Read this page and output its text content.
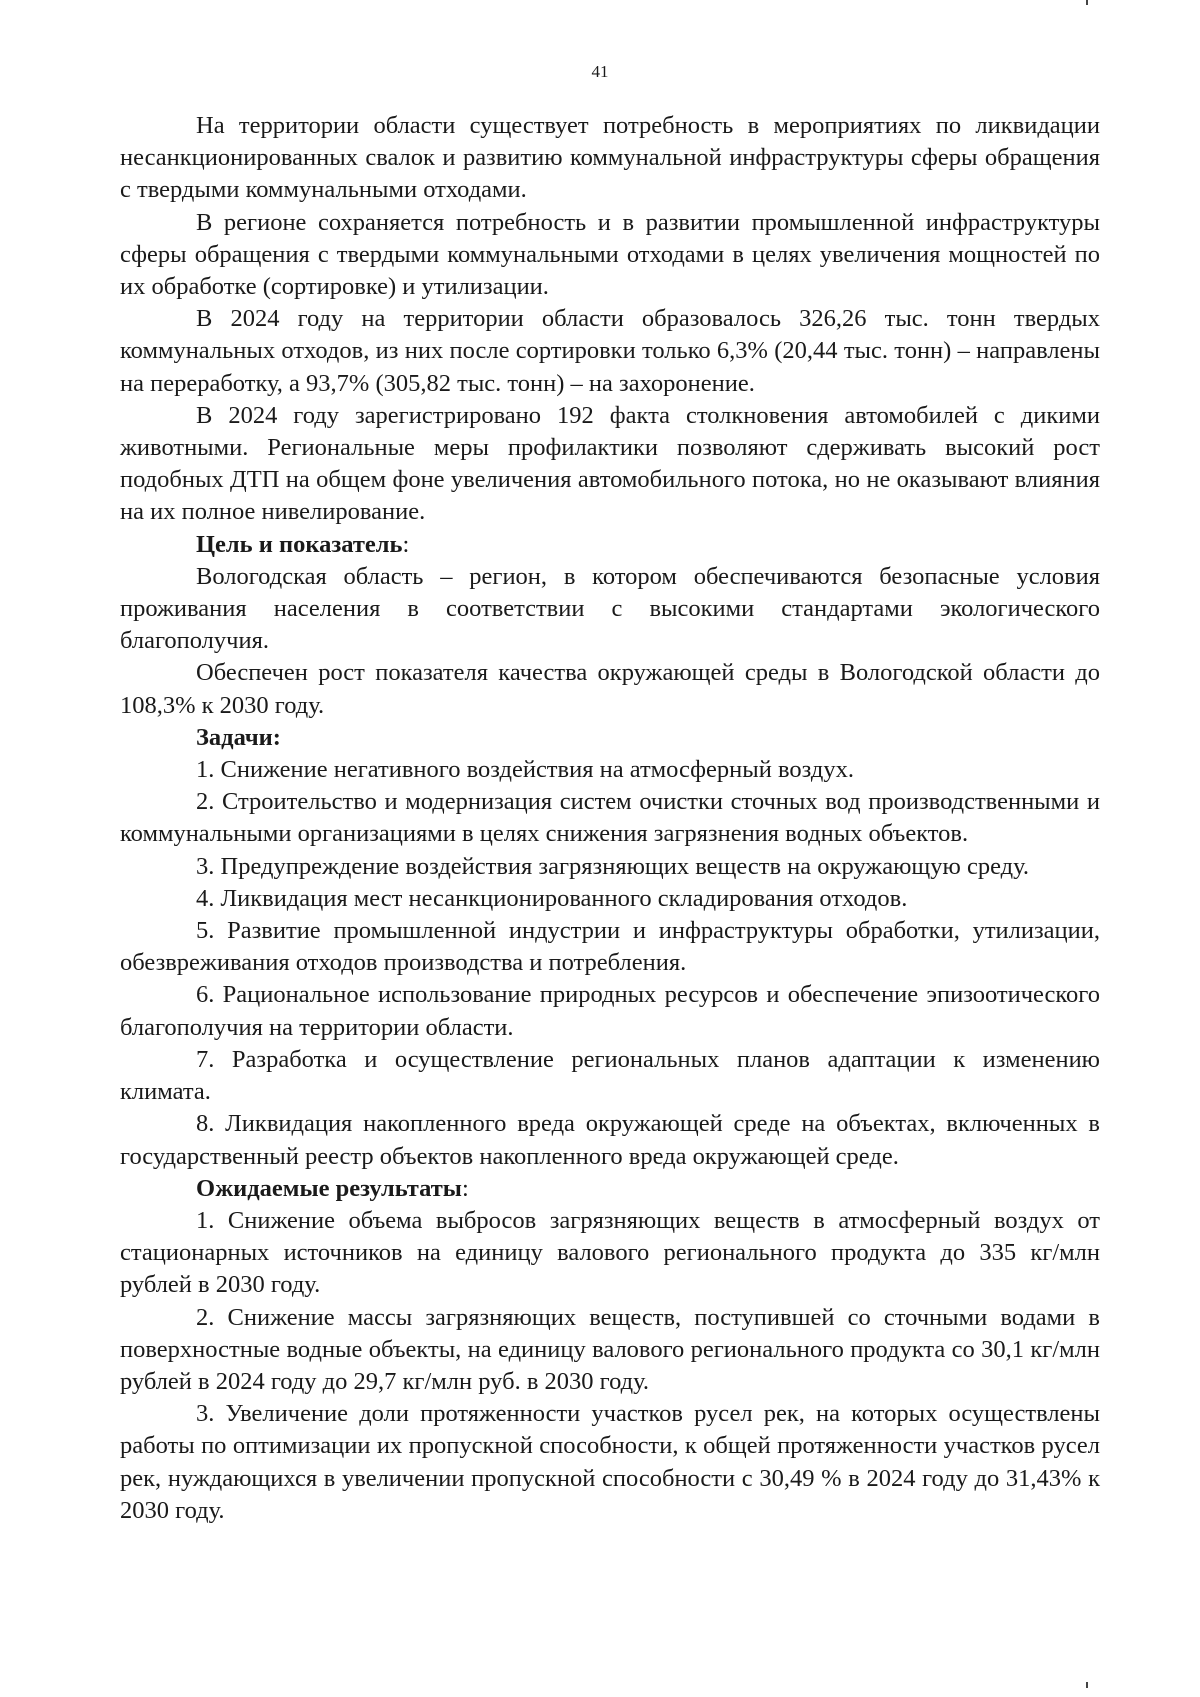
41

На территории области существует потребность в мероприятиях по ликвидации несанкционированных свалок и развитию коммунальной инфраструктуры сферы обращения с твердыми коммунальными отходами.

В регионе сохраняется потребность и в развитии промышленной инфраструктуры сферы обращения с твердыми коммунальными отходами в целях увеличения мощностей по их обработке (сортировке) и утилизации.

В 2024 году на территории области образовалось 326,26 тыс. тонн твердых коммунальных отходов, из них после сортировки только 6,3% (20,44 тыс. тонн) – направлены на переработку, а 93,7% (305,82 тыс. тонн) – на захоронение.

В 2024 году зарегистрировано 192 факта столкновения автомобилей с дикими животными. Региональные меры профилактики позволяют сдерживать высокий рост подобных ДТП на общем фоне увеличения автомобильного потока, но не оказывают влияния на их полное нивелирование.

Цель и показатель:

Вологодская область – регион, в котором обеспечиваются безопасные условия проживания населения в соответствии с высокими стандартами экологического благополучия.

Обеспечен рост показателя качества окружающей среды в Вологодской области до 108,3% к 2030 году.

Задачи:

1. Снижение негативного воздействия на атмосферный воздух.

2. Строительство и модернизация систем очистки сточных вод производственными и коммунальными организациями в целях снижения загрязнения водных объектов.

3. Предупреждение воздействия загрязняющих веществ на окружающую среду.

4. Ликвидация мест несанкционированного складирования отходов.

5. Развитие промышленной индустрии и инфраструктуры обработки, утилизации, обезвреживания отходов производства и потребления.

6. Рациональное использование природных ресурсов и обеспечение эпизоотического благополучия на территории области.

7. Разработка и осуществление региональных планов адаптации к изменению климата.

8. Ликвидация накопленного вреда окружающей среде на объектах, включенных в государственный реестр объектов накопленного вреда окружающей среде.

Ожидаемые результаты:

1. Снижение объема выбросов загрязняющих веществ в атмосферный воздух от стационарных источников на единицу валового регионального продукта до 335 кг/млн рублей в 2030 году.

2. Снижение массы загрязняющих веществ, поступившей со сточными водами в поверхностные водные объекты, на единицу валового регионального продукта со 30,1 кг/млн рублей в 2024 году до 29,7 кг/млн руб. в 2030 году.

3. Увеличение доли протяженности участков русел рек, на которых осуществлены работы по оптимизации их пропускной способности, к общей протяженности участков русел рек, нуждающихся в увеличении пропускной способности с 30,49 % в 2024 году до 31,43% к 2030 году.
